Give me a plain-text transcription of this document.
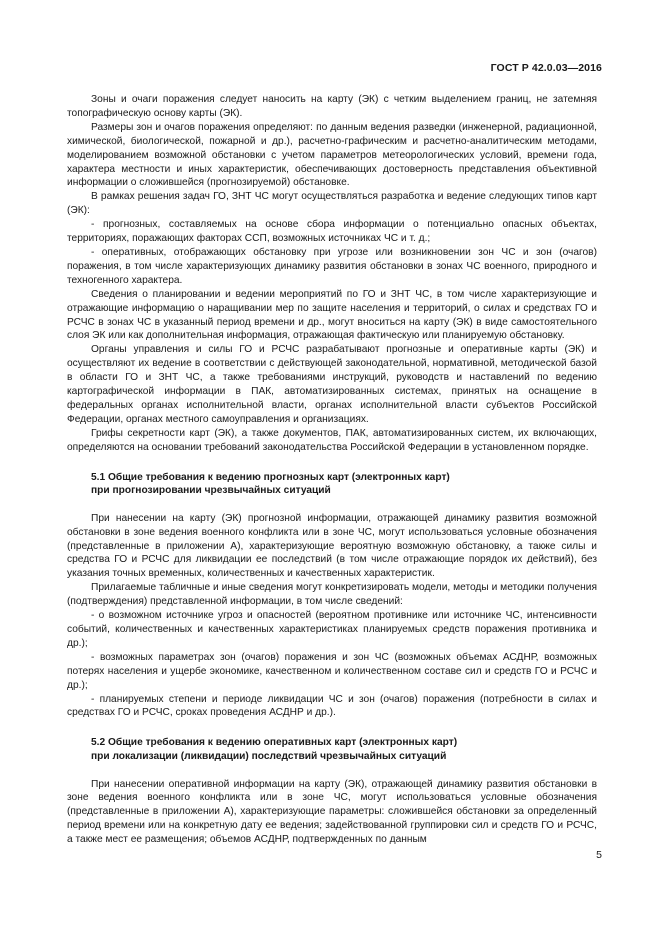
ГОСТ Р 42.0.03—2016

Зоны и очаги поражения следует наносить на карту (ЭК) с четким выделением границ, не затемняя топографическую основу карты (ЭК).

Размеры зон и очагов поражения определяют: по данным ведения разведки (инженерной, радиационной, химической, биологической, пожарной и др.), расчетно-графическим и расчетно-аналитическим методами, моделированием возможной обстановки с учетом параметров метеорологических условий, времени года, характера местности и иных характеристик, обеспечивающих достоверность представления объективной информации о сложившейся (прогнозируемой) обстановке.

В рамках решения задач ГО, ЗНТ ЧС могут осуществляться разработка и ведение следующих типов карт (ЭК):

- прогнозных, составляемых на основе сбора информации о потенциально опасных объектах, территориях, поражающих факторах ССП, возможных источниках ЧС и т. д.;

- оперативных, отображающих обстановку при угрозе или возникновении зон ЧС и зон (очагов) поражения, в том числе характеризующих динамику развития обстановки в зонах ЧС военного, природного и техногенного характера.

Сведения о планировании и ведении мероприятий по ГО и ЗНТ ЧС, в том числе характеризующие и отражающие информацию о наращивании мер по защите населения и территорий, о силах и средствах ГО и РСЧС в зонах ЧС в указанный период времени и др., могут вноситься на карту (ЭК) в виде самостоятельного слоя ЭК или как дополнительная информация, отражающая фактическую или планируемую обстановку.

Органы управления и силы ГО и РСЧС разрабатывают прогнозные и оперативные карты (ЭК) и осуществляют их ведение в соответствии с действующей законодательной, нормативной, методической базой в области ГО и ЗНТ ЧС, а также требованиями инструкций, руководств и наставлений по ведению картографической информации в ПАК, автоматизированных системах, принятых на оснащение в федеральных органах исполнительной власти, органах исполнительной власти субъектов Российской Федерации, органах местного самоуправления и организациях.

Грифы секретности карт (ЭК), а также документов, ПАК, автоматизированных систем, их включающих, определяются на основании требований законодательства Российской Федерации в установленном порядке.

5.1 Общие требования к ведению прогнозных карт (электронных карт)
при прогнозировании чрезвычайных ситуаций

При нанесении на карту (ЭК) прогнозной информации, отражающей динамику развития возможной обстановки в зоне ведения военного конфликта или в зоне ЧС, могут использоваться условные обозначения (представленные в приложении А), характеризующие вероятную возможную обстановку, а также силы и средства ГО и РСЧС для ликвидации ее последствий (в том числе отражающие порядок их действий), без указания точных временных, количественных и качественных характеристик.

Прилагаемые табличные и иные сведения могут конкретизировать модели, методы и методики получения (подтверждения) представленной информации, в том числе сведений:

- о возможном источнике угроз и опасностей (вероятном противнике или источнике ЧС, интенсивности событий, количественных и качественных характеристиках планируемых средств поражения противника и др.);

- возможных параметрах зон (очагов) поражения и зон ЧС (возможных объемах АСДНР, возможных потерях населения и ущербе экономике, качественном и количественном составе сил и средств ГО и РСЧС и др.);

- планируемых степени и периоде ликвидации ЧС и зон (очагов) поражения (потребности в силах и средствах ГО и РСЧС, сроках проведения АСДНР и др.).

5.2 Общие требования к ведению оперативных карт (электронных карт)
при локализации (ликвидации) последствий чрезвычайных ситуаций

При нанесении оперативной информации на карту (ЭК), отражающей динамику развития обстановки в зоне ведения военного конфликта или в зоне ЧС, могут использоваться условные обозначения (представленные в приложении А), характеризующие параметры: сложившейся обстановки за определенный период времени или на конкретную дату ее ведения; задействованной группировки сил и средств ГО и РСЧС, а также мест ее размещения; объемов АСДНР, подтвержденных по данным

5
